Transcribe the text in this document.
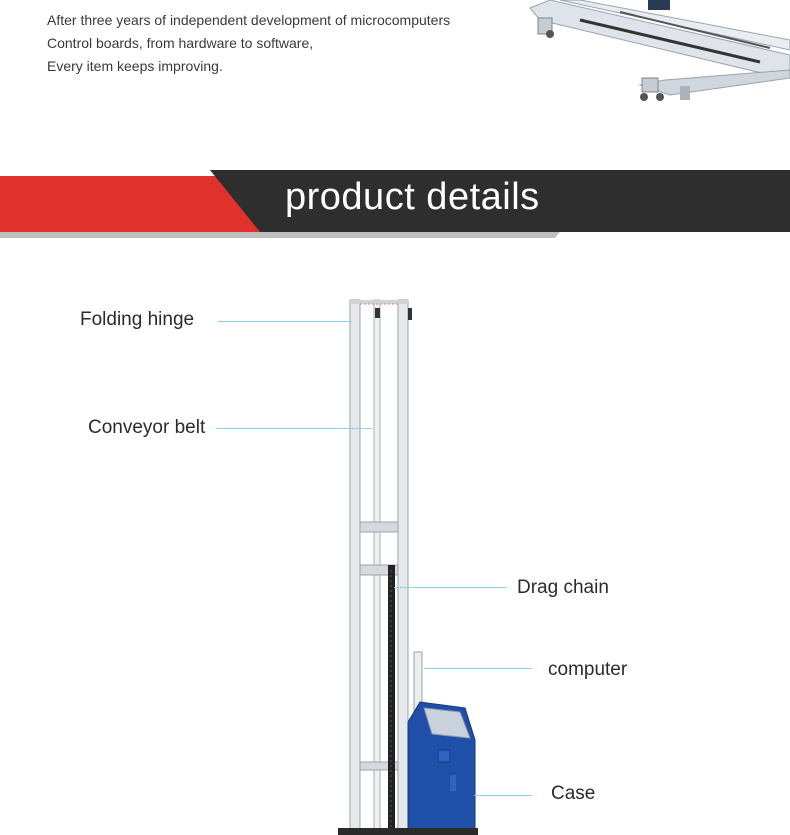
After three years of independent development of microcomputers
Control boards, from hardware to software,
Every item keeps improving.
product details
Folding hinge
Conveyor belt
Drag chain
computer
Case
